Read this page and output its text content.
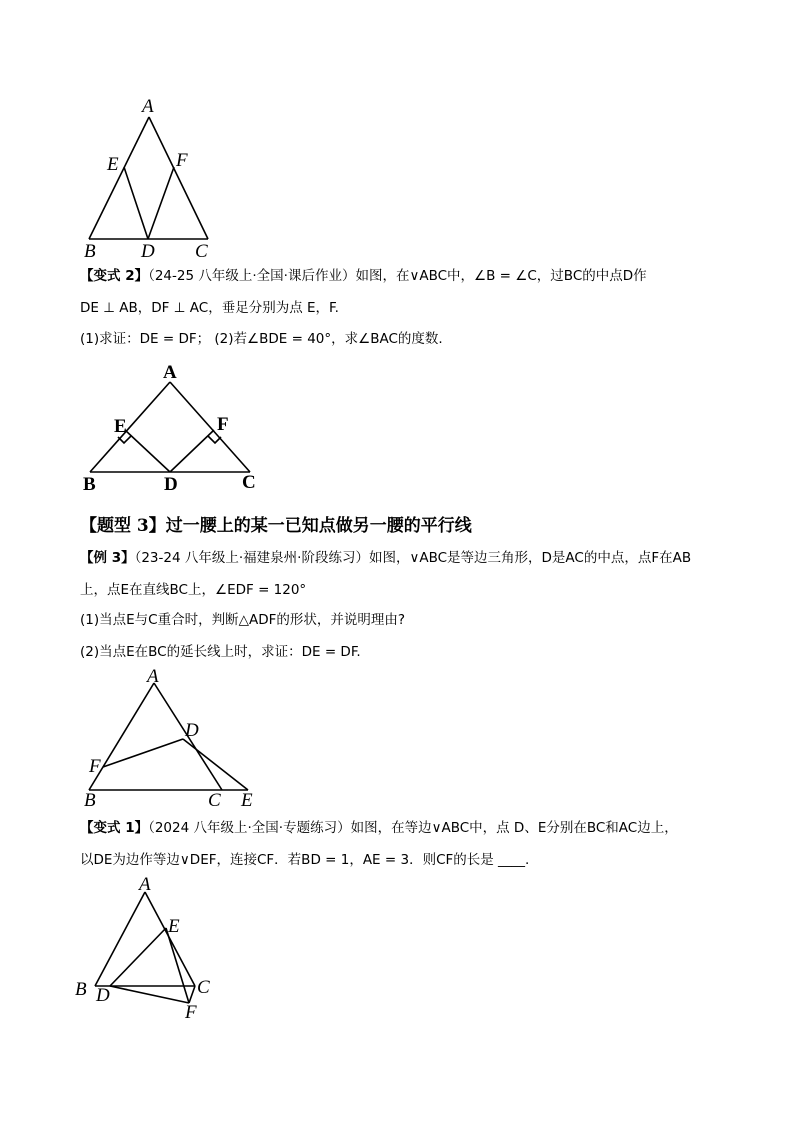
A
E	F
B D C
【变式 2】（24-25 八年级上·全国·课后作业）如图，在∨ABC中，∠B = ∠C，过BC的中点D作
DE ⊥ AB，DF ⊥ AC，垂足分别为点 E，F.
(1)求证：DE = DF； (2)若∠BDE = 40°，求∠BAC的度数.
A
E	F
B	D	C
【题型 3】过一腰上的某一已知点做另一腰的平行线
【例 3】（23-24 八年级上·福建泉州·阶段练习）如图，∨ABC是等边三角形，D是AC的中点，点F在AB
上，点E在直线BC上，∠EDF = 120°
(1)当点E与C重合时，判断△ADF的形状，并说明理由?
(2)当点E在BC的延长线上时，求证：DE = DF.
A
D
F
B	C E
【变式 1】（2024 八年级上·全国·专题练习）如图，在等边∨ABC中，点 D、E分别在BC和AC边上，
以DE为边作等边∨DEF，连接CF．若BD = 1，AE = 3．则CF的长是 ____.
A
E
B D	C
F
